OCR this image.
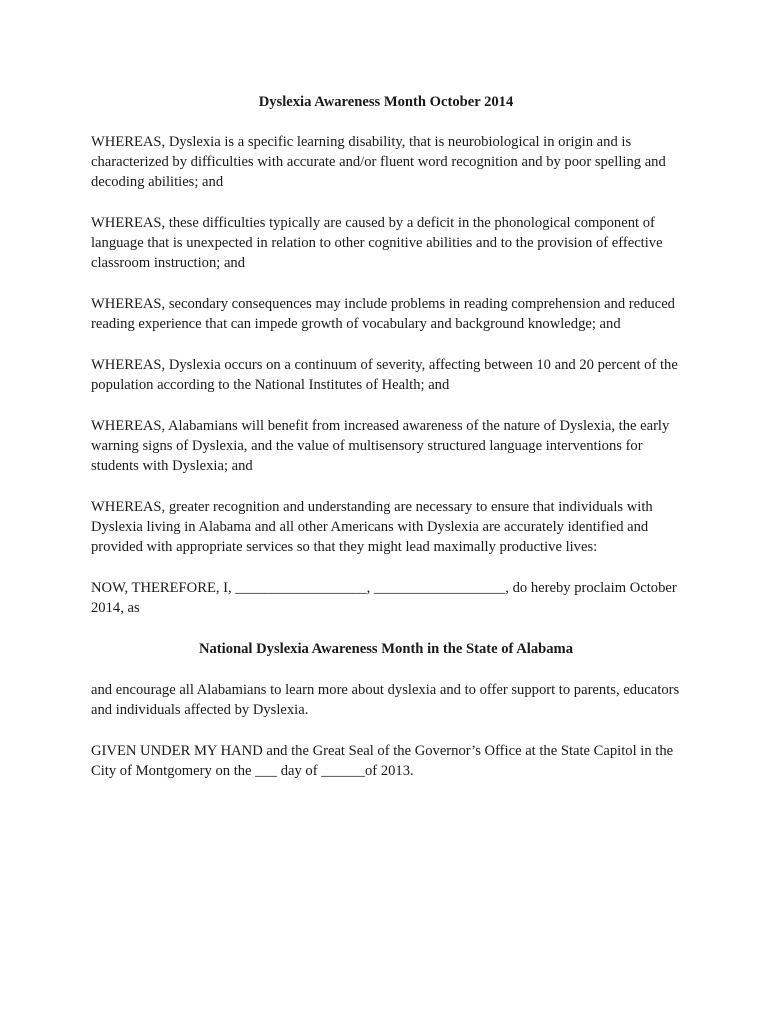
Dyslexia Awareness Month October 2014

WHEREAS, Dyslexia is a specific learning disability, that is neurobiological in origin and is characterized by difficulties with accurate and/or fluent word recognition and by poor spelling and decoding abilities; and

WHEREAS, these difficulties typically are caused by a deficit in the phonological component of language that is unexpected in relation to other cognitive abilities and to the provision of effective classroom instruction; and

WHEREAS, secondary consequences may include problems in reading comprehension and reduced reading experience that can impede growth of vocabulary and background knowledge; and

WHEREAS, Dyslexia occurs on a continuum of severity, affecting between 10 and 20 percent of the population according to the National Institutes of Health; and

WHEREAS, Alabamians will benefit from increased awareness of the nature of Dyslexia, the early warning signs of Dyslexia, and the value of multisensory structured language interventions for students with Dyslexia; and

WHEREAS, greater recognition and understanding are necessary to ensure that individuals with Dyslexia living in Alabama and all other Americans with Dyslexia are accurately identified and provided with appropriate services so that they might lead maximally productive lives:

NOW, THEREFORE, I, __________________, __________________, do hereby proclaim October 2014, as

National Dyslexia Awareness Month in the State of Alabama

and encourage all Alabamians to learn more about dyslexia and to offer support to parents, educators and individuals affected by Dyslexia.

GIVEN UNDER MY HAND and the Great Seal of the Governor’s Office at the State Capitol in the City of Montgomery on the ___ day of ______of 2013.
